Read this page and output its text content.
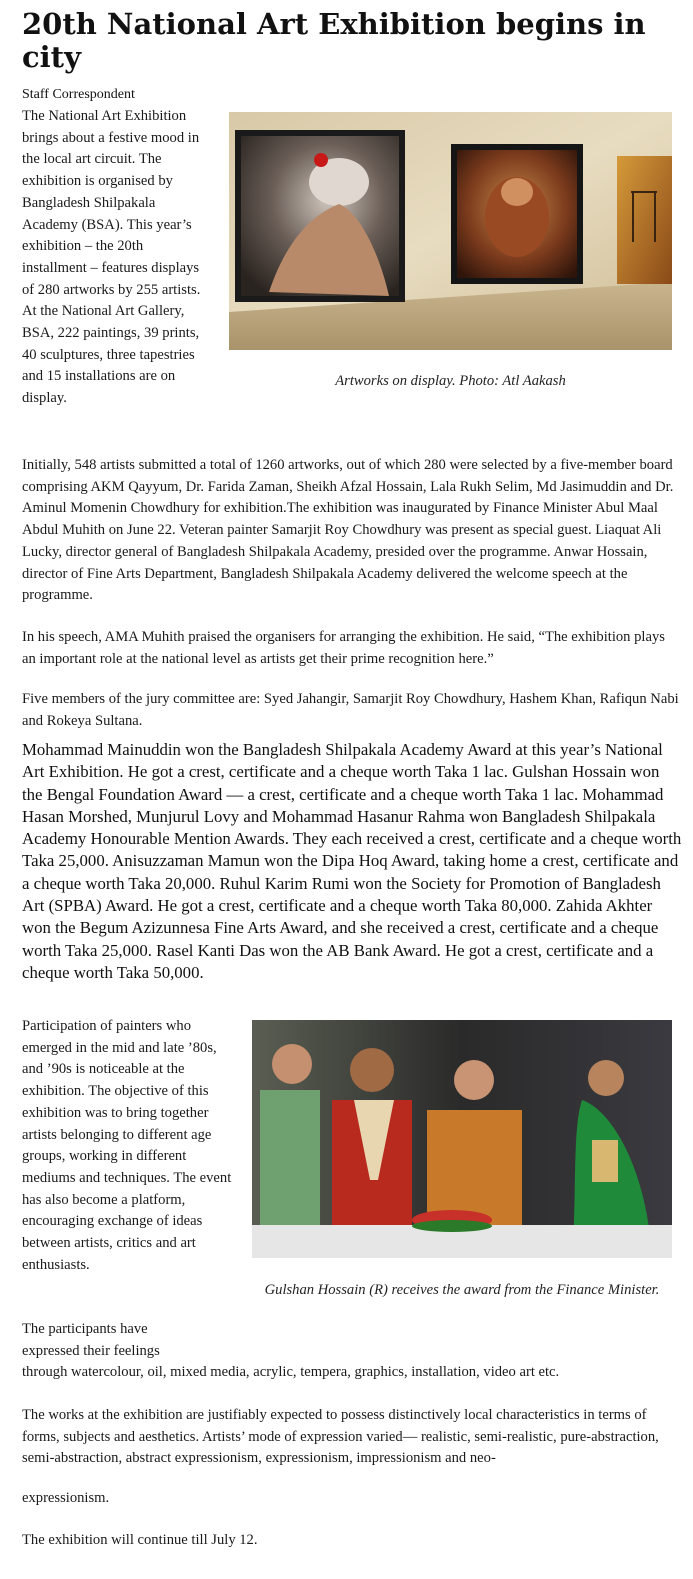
20th National Art Exhibition begins in city
Staff Correspondent

The National Art Exhibition brings about a festive mood in the local art circuit. The exhibition is organised by Bangladesh Shilpakala Academy (BSA). This year’s exhibition – the 20th installment – features displays of 280 artworks by 255 artists. At the National Art Gallery, BSA, 222 paintings, 39 prints, 40 sculptures, three tapestries and 15 installations are on display.

Artworks on display. Photo: Atl Aakash

Initially, 548 artists submitted a total of 1260 artworks, out of which 280 were selected by a five-member board comprising AKM Qayyum, Dr. Farida Zaman, Sheikh Afzal Hossain, Lala Rukh Selim, Md Jasimuddin and Dr. Aminul Momenin Chowdhury for exhibition.The exhibition was inaugurated by Finance Minister Abul Maal Abdul Muhith on June 22. Veteran painter Samarjit Roy Chowdhury was present as special guest. Liaquat Ali Lucky, director general of Bangladesh Shilpakala Academy, presided over the programme. Anwar Hossain, director of Fine Arts Department, Bangladesh Shilpakala Academy delivered the welcome speech at the programme.

In his speech, AMA Muhith praised the organisers for arranging the exhibition. He said, “The exhibition plays an important role at the national level as artists get their prime recognition here.”

Five members of the jury committee are: Syed Jahangir, Samarjit Roy Chowdhury, Hashem Khan, Rafiqun Nabi and Rokeya Sultana.

Mohammad Mainuddin won the Bangladesh Shilpakala Academy Award at this year’s National Art Exhibition. He got a crest, certificate and a cheque worth Taka 1 lac. Gulshan Hossain won the Bengal Foundation Award — a crest, certificate and a cheque worth Taka 1 lac. Mohammad Hasan Morshed, Munjurul Lovy and Mohammad Hasanur Rahma won Bangladesh Shilpakala Academy Honourable Mention Awards. They each received a crest, certificate and a cheque worth Taka 25,000. Anisuzzaman Mamun won the Dipa Hoq Award, taking home a crest, certificate and a cheque worth Taka 20,000. Ruhul Karim Rumi won the Society for Promotion of Bangladesh Art (SPBA) Award. He got a crest, certificate and a cheque worth Taka 80,000. Zahida Akhter won the Begum Azizunnesa Fine Arts Award, and she received a crest, certificate and a cheque worth Taka 25,000. Rasel Kanti Das won the AB Bank Award. He got a crest, certificate and a cheque worth Taka 50,000.

Participation of painters who emerged in the mid and late ’80s, and ’90s is noticeable at the exhibition. The objective of this exhibition was to bring together artists belonging to different age groups, working in different mediums and techniques. The event has also become a platform, encouraging exchange of ideas between artists, critics and art enthusiasts.

Gulshan Hossain (R) receives the award from the Finance Minister.
The participants have
expressed their feelings
through watercolour, oil, mixed media, acrylic, tempera, graphics, installation, video art etc.

The works at the exhibition are justifiably expected to possess distinctively local characteristics in terms of forms, subjects and aesthetics. Artists’ mode of expression varied— realistic, semi-realistic, pure-abstraction, semi-abstraction, abstract expressionism, expressionism, impressionism and neo-

expressionism.
The exhibition will continue till July 12.
